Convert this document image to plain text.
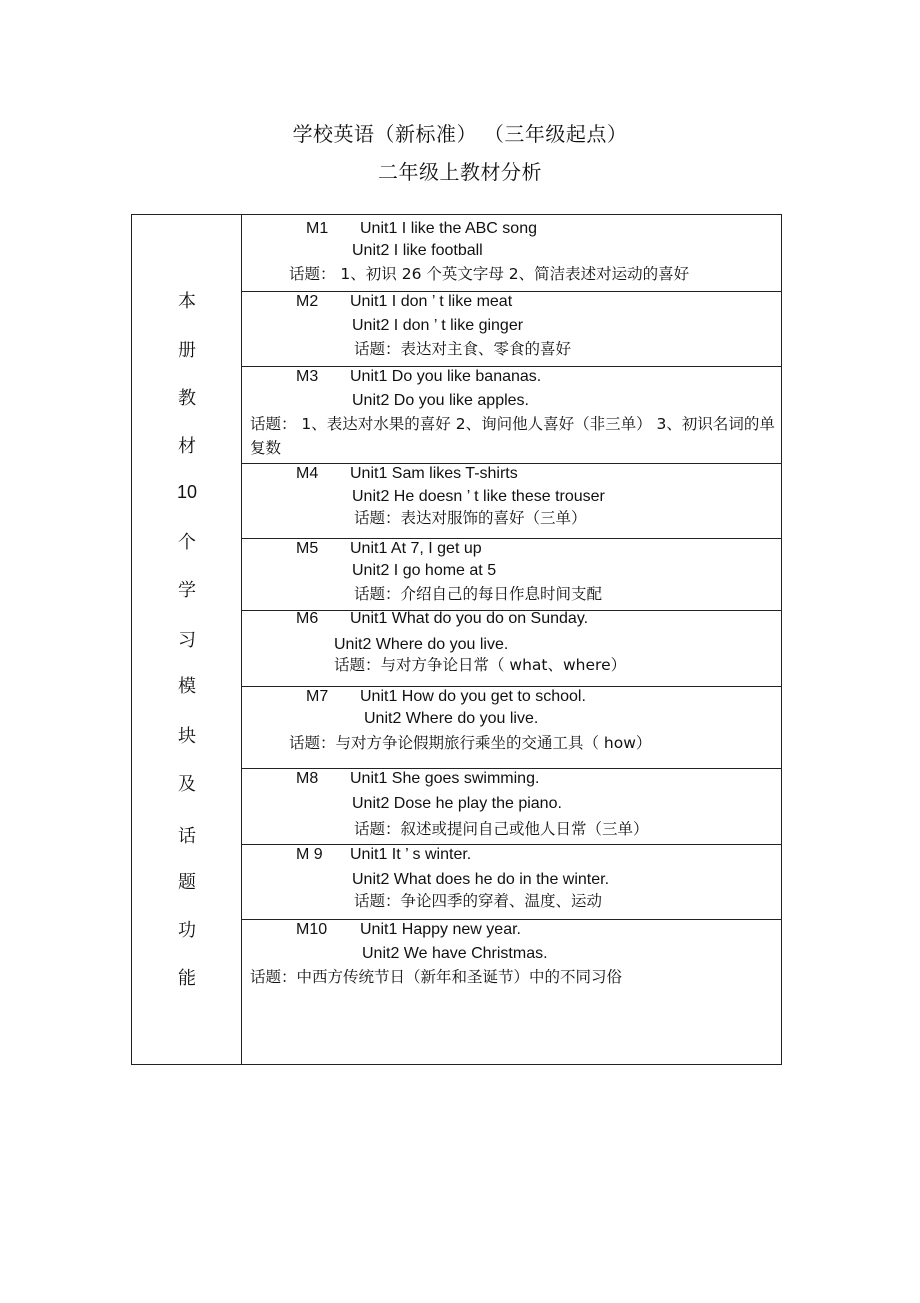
学校英语（新标准） （三年级起点）
二年级上教材分析
本
册
教
材
10
个
学
习
模
块
及
话
题
功
能
M1 Unit1 I like the ABC song
Unit2 I like football
话题： 1、初识 26 个英文字母 2、简洁表述对运动的喜好
M2 Unit1 I don ’ t like meat
Unit2 I don ’ t like ginger
话题：表达对主食、零食的喜好
M3 Unit1 Do you like bananas.
Unit2 Do you like apples.
话题： 1、表达对水果的喜好 2、询问他人喜好（非三单） 3、初识名词的单复数
M4 Unit1 Sam likes T-shirts
Unit2 He doesn ’ t like these trouser
话题：表达对服饰的喜好（三单）
M5 Unit1 At 7, I get up
Unit2 I go home at 5
话题：介绍自己的每日作息时间支配
M6 Unit1 What do you do on Sunday.
Unit2 Where do you live.
话题：与对方争论日常（ what、where）
M7 Unit1 How do you get to school.
Unit2 Where do you live.
话题：与对方争论假期旅行乘坐的交通工具（ how）
M8 Unit1 She goes swimming.
Unit2 Dose he play the piano.
话题：叙述或提问自己或他人日常（三单）
M 9 Unit1 It ’ s winter.
Unit2 What does he do in the winter.
话题：争论四季的穿着、温度、运动
M10 Unit1 Happy new year.
Unit2 We have Christmas.
话题：中西方传统节日（新年和圣诞节）中的不同习俗
